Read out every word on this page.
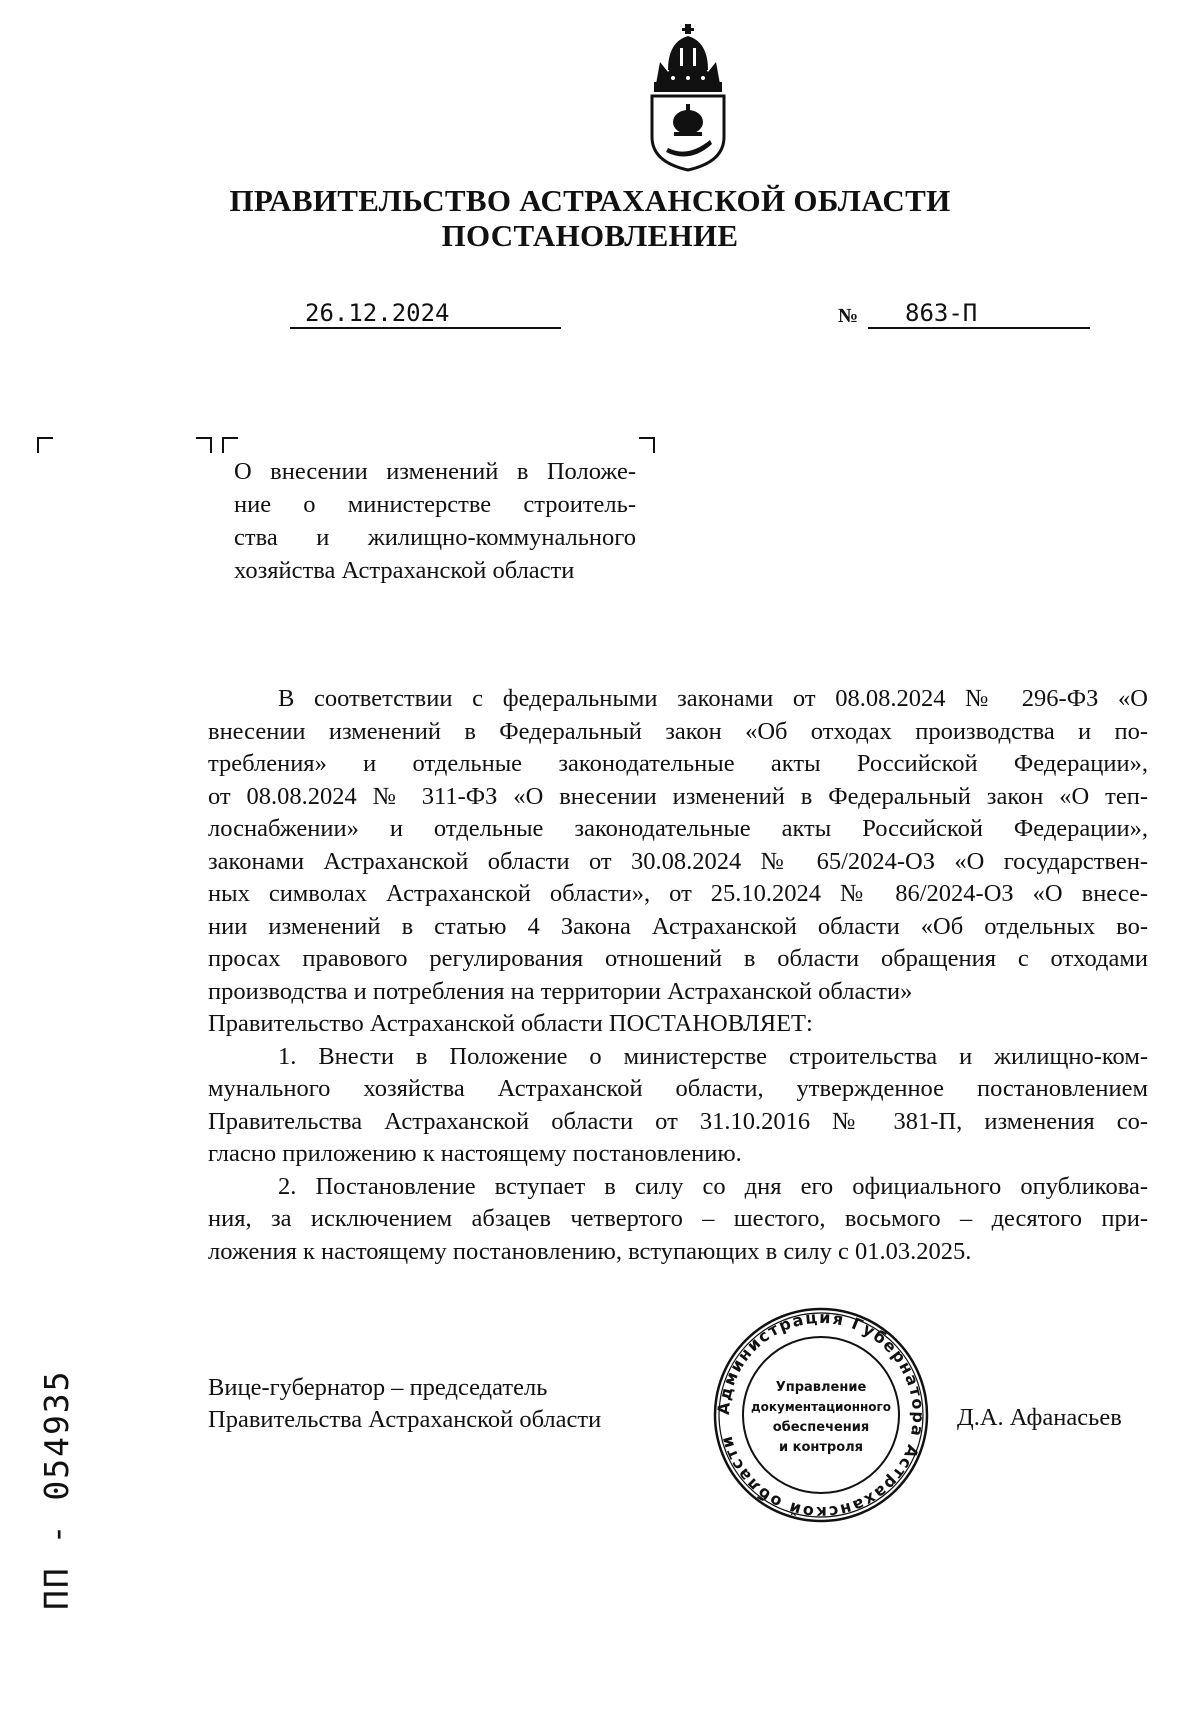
ПРАВИТЕЛЬСТВО АСТРАХАНСКОЙ ОБЛАСТИ
ПОСТАНОВЛЕНИЕ
26.12.2024	№ 863-П
О внесении изменений в Положе-
ние о министерстве строитель-
ства и жилищно-коммунального
хозяйства Астраханской области

В соответствии с федеральными законами от 08.08.2024 № 296-ФЗ «О
внесении изменений в Федеральный закон «Об отходах производства и по-
требления» и отдельные законодательные акты Российской Федерации»,
от 08.08.2024 № 311-ФЗ «О внесении изменений в Федеральный закон «О теп-
лоснабжении» и отдельные законодательные акты Российской Федерации»,
законами Астраханской области от 30.08.2024 № 65/2024-ОЗ «О государствен-
ных символах Астраханской области», от 25.10.2024 № 86/2024-ОЗ «О внесе-
нии изменений в статью 4 Закона Астраханской области «Об отдельных во-
просах правового регулирования отношений в области обращения с отходами
производства и потребления на территории Астраханской области»
Правительство Астраханской области ПОСТАНОВЛЯЕТ:

1. Внести в Положение о министерстве строительства и жилищно-ком-
мунального хозяйства Астраханской области, утвержденное постановлением
Правительства Астраханской области от 31.10.2016 № 381-П, изменения со-
гласно приложению к настоящему постановлению.

2. Постановление вступает в силу со дня его официального опубликова-
ния, за исключением абзацев четвертого – шестого, восьмого – десятого при-
ложения к настоящему постановлению, вступающих в силу с 01.03.2025.

Вице-губернатор – председатель
Правительства Астраханской области	Администрация Губернатора Астраханской области
Управление
документационного
обеспечения
и контроля
Д.А. Афанасьев
ПП - 054935
